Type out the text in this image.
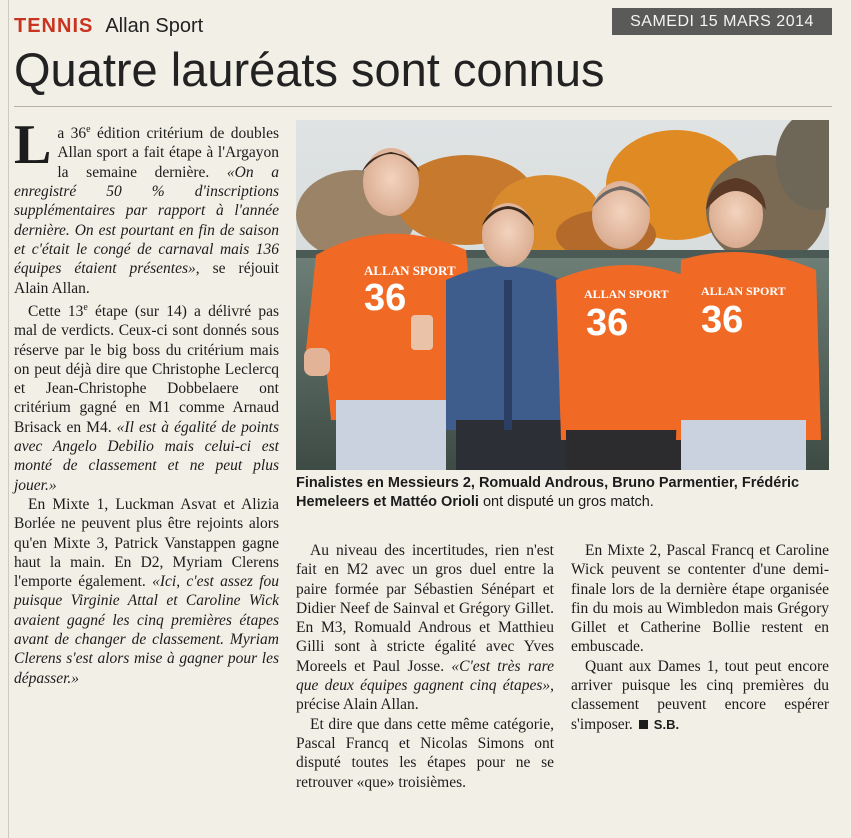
TENNIS Allan Sport	SAMEDI 15 MARS 2014
Quatre lauréats sont connus

La 36e édition critérium de doubles Allan sport a fait étape à l'Argayon la semaine dernière. «On a enregistré 50 % d'inscriptions supplémentaires par rapport à l'année dernière. On est pourtant en fin de saison et c'était le congé de carnaval mais 136 équipes étaient présentes», se réjouit Alain Allan.

Cette 13e étape (sur 14) a délivré pas mal de verdicts. Ceux-ci sont donnés sous réserve par le big boss du critérium mais on peut déjà dire que Christophe Leclercq et Jean-Christophe Dobbelaere ont critérium gagné en M1 comme Arnaud Brisack en M4. «Il est à égalité de points avec Angelo Debilio mais celui-ci est monté de classement et ne peut plus jouer.»

En Mixte 1, Luckman Asvat et Alizia Borlée ne peuvent plus être rejoints alors qu'en Mixte 3, Patrick Vanstappen gagne haut la main. En D2, Myriam Clerens l'emporte également. «Ici, c'est assez fou puisque Virginie Attal et Caroline Wick avaient gagné les cinq premières étapes avant de changer de classement. Myriam Clerens s'est alors mise à gagner pour les dépasser.»

Au niveau des incertitudes, rien n'est fait en M2 avec un gros duel entre la paire formée par Sébastien Sénépart et Didier Neef de Sainval et Grégory Gillet. En M3, Romuald Androus et Matthieu Gilli sont à stricte égalité avec Yves Moreels et Paul Josse. «C'est très rare que deux équipes gagnent cinq étapes», précise Alain Allan.

Et dire que dans cette même catégorie, Pascal Francq et Nicolas Simons ont disputé toutes les étapes pour ne se retrouver «que» troisièmes.

En Mixte 2, Pascal Francq et Caroline Wick peuvent se contenter d'une demi-finale lors de la dernière étape organisée fin du mois au Wimbledon mais Grégory Gillet et Catherine Bollie restent en embuscade.

Quant aux Dames 1, tout peut encore arriver puisque les cinq premières du classement peuvent encore espérer s'imposer. S.B.

ALLAN SPORT
36	ALLAN SPORT
36
ALLAN SPORT
36
Finalistes en Messieurs 2, Romuald Androus, Bruno Parmentier, Frédéric Hemeleers et Mattéo Orioli ont disputé un gros match.
